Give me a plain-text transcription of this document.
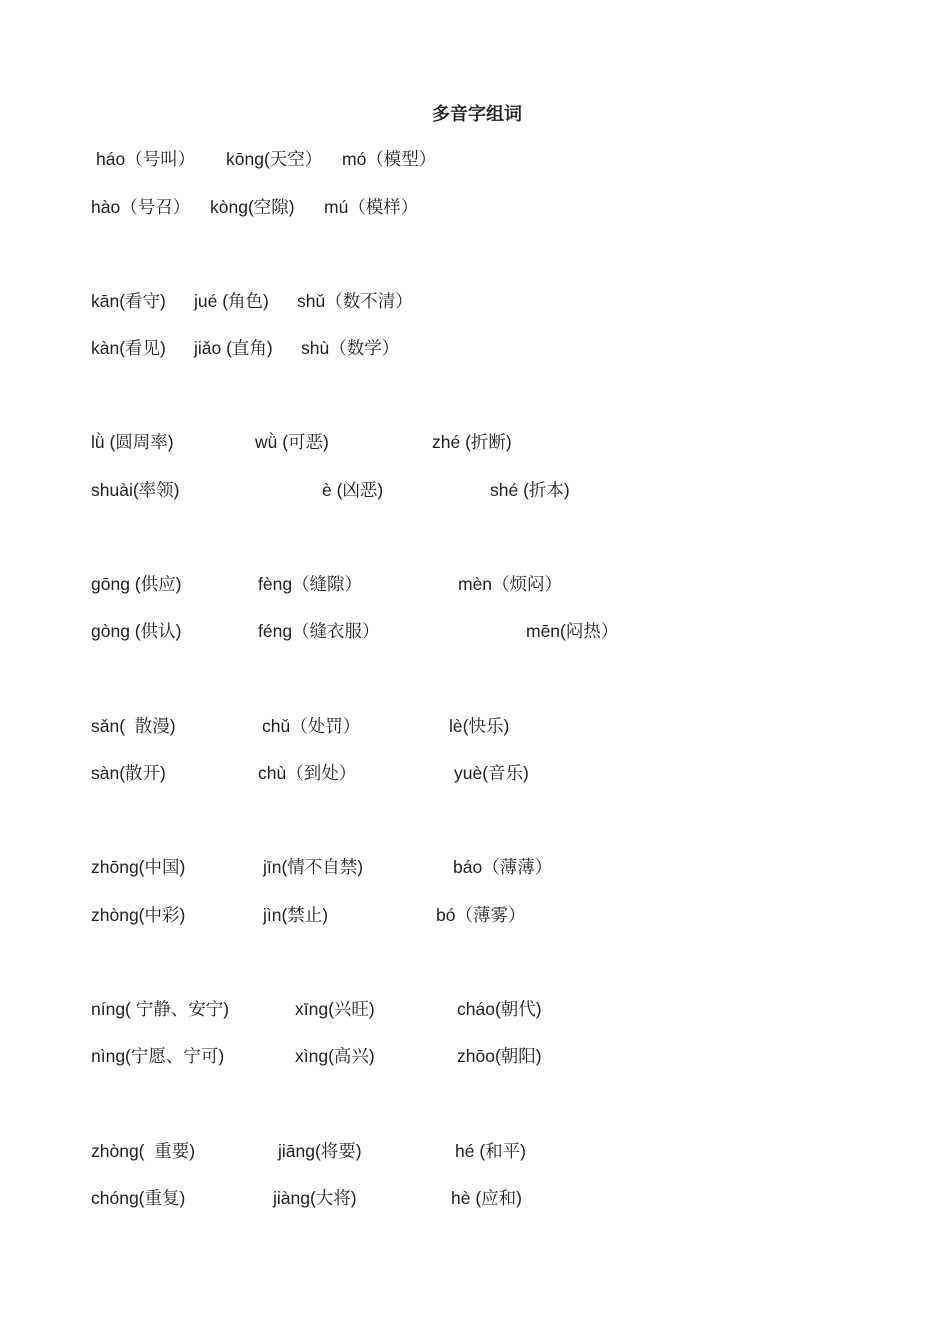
多音字组词
háo（号叫） kōng(天空） mó（模型）
hào（号召） kòng(空隙) mú（模样）
kān(看守) jué (角色) shǔ（数不清）
kàn(看见) jiǎo (直角) shù（数学）
lǜ (圆周率)	wǜ (可恶)	zhé (折断)
shuài(率领)	è (凶恶)	shé (折本)
gōng (供应)	fèng（缝隙）	mèn（烦闷）
gòng (供认)	féng（缝衣服）	mēn(闷热）
sǎn(  散漫)	chǔ（处罚）	lè(快乐)
sàn(散开)	chù（到处）	yuè(音乐)
zhōng(中国)	jīn(情不自禁)	báo（薄薄）
zhòng(中彩)	jìn(禁止)	bó（薄雾）
níng( 宁静、安宁)	xīng(兴旺)	cháo(朝代)
nìng(宁愿、宁可)	xìng(高兴)	zhōo(朝阳)
zhòng(  重要)	jiāng(将要)	hé (和平)
chóng(重复)	jiàng(大将)	hè (应和)
